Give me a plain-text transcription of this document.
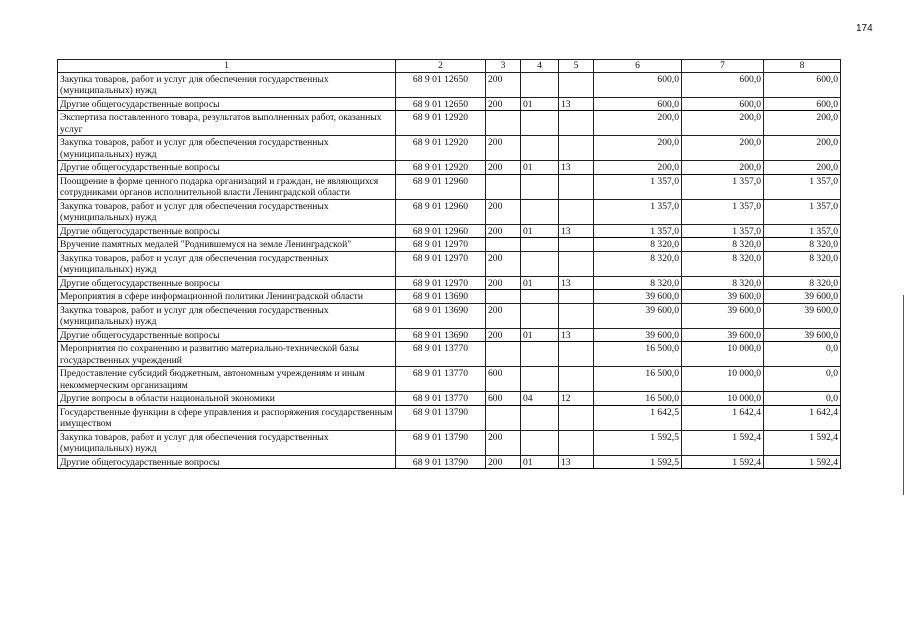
174
1	2	3	4	5	6	7	8
Закупка товаров, работ и услуг для обеспечения государственных (муниципальных) нужд	68 9 01 12650	200			600,0	600,0	600,0
Другие общегосударственные вопросы	68 9 01 12650	200	01	13	600,0	600,0	600,0
Экспертиза поставленного товара, результатов выполненных работ, оказанных услуг	68 9 01 12920				200,0	200,0	200,0
Закупка товаров, работ и услуг для обеспечения государственных (муниципальных) нужд	68 9 01 12920	200			200,0	200,0	200,0
Другие общегосударственные вопросы	68 9 01 12920	200	01	13	200,0	200,0	200,0
Поощрение в форме ценного подарка организаций и граждан, не являющихся сотрудниками органов исполнительной власти Ленинградской области	68 9 01 12960				1 357,0	1 357,0	1 357,0
Закупка товаров, работ и услуг для обеспечения государственных (муниципальных) нужд	68 9 01 12960	200			1 357,0	1 357,0	1 357,0
Другие общегосударственные вопросы	68 9 01 12960	200	01	13	1 357,0	1 357,0	1 357,0
Вручение памятных медалей "Роднившемуся на земле Ленинградской"	68 9 01 12970				8 320,0	8 320,0	8 320,0
Закупка товаров, работ и услуг для обеспечения государственных (муниципальных) нужд	68 9 01 12970	200			8 320,0	8 320,0	8 320,0
Другие общегосударственные вопросы	68 9 01 12970	200	01	13	8 320,0	8 320,0	8 320,0
Мероприятия в сфере информационной политики Ленинградской области	68 9 01 13690				39 600,0	39 600,0	39 600,0
Закупка товаров, работ и услуг для обеспечения государственных (муниципальных) нужд	68 9 01 13690	200			39 600,0	39 600,0	39 600,0
Другие общегосударственные вопросы	68 9 01 13690	200	01	13	39 600,0	39 600,0	39 600,0
Мероприятия по сохранению и развитию материально-технической базы государственных учреждений	68 9 01 13770				16 500,0	10 000,0	0,0
Предоставление субсидий бюджетным, автономным учреждениям и иным некоммерческим организациям	68 9 01 13770	600			16 500,0	10 000,0	0,0
Другие вопросы в области национальной экономики	68 9 01 13770	600	04	12	16 500,0	10 000,0	0,0
Государственные функции в сфере управления и распоряжения государственным имуществом	68 9 01 13790				1 642,5	1 642,4	1 642,4
Закупка товаров, работ и услуг для обеспечения государственных (муниципальных) нужд	68 9 01 13790	200			1 592,5	1 592,4	1 592,4
Другие общегосударственные вопросы	68 9 01 13790	200	01	13	1 592,5	1 592,4	1 592,4
